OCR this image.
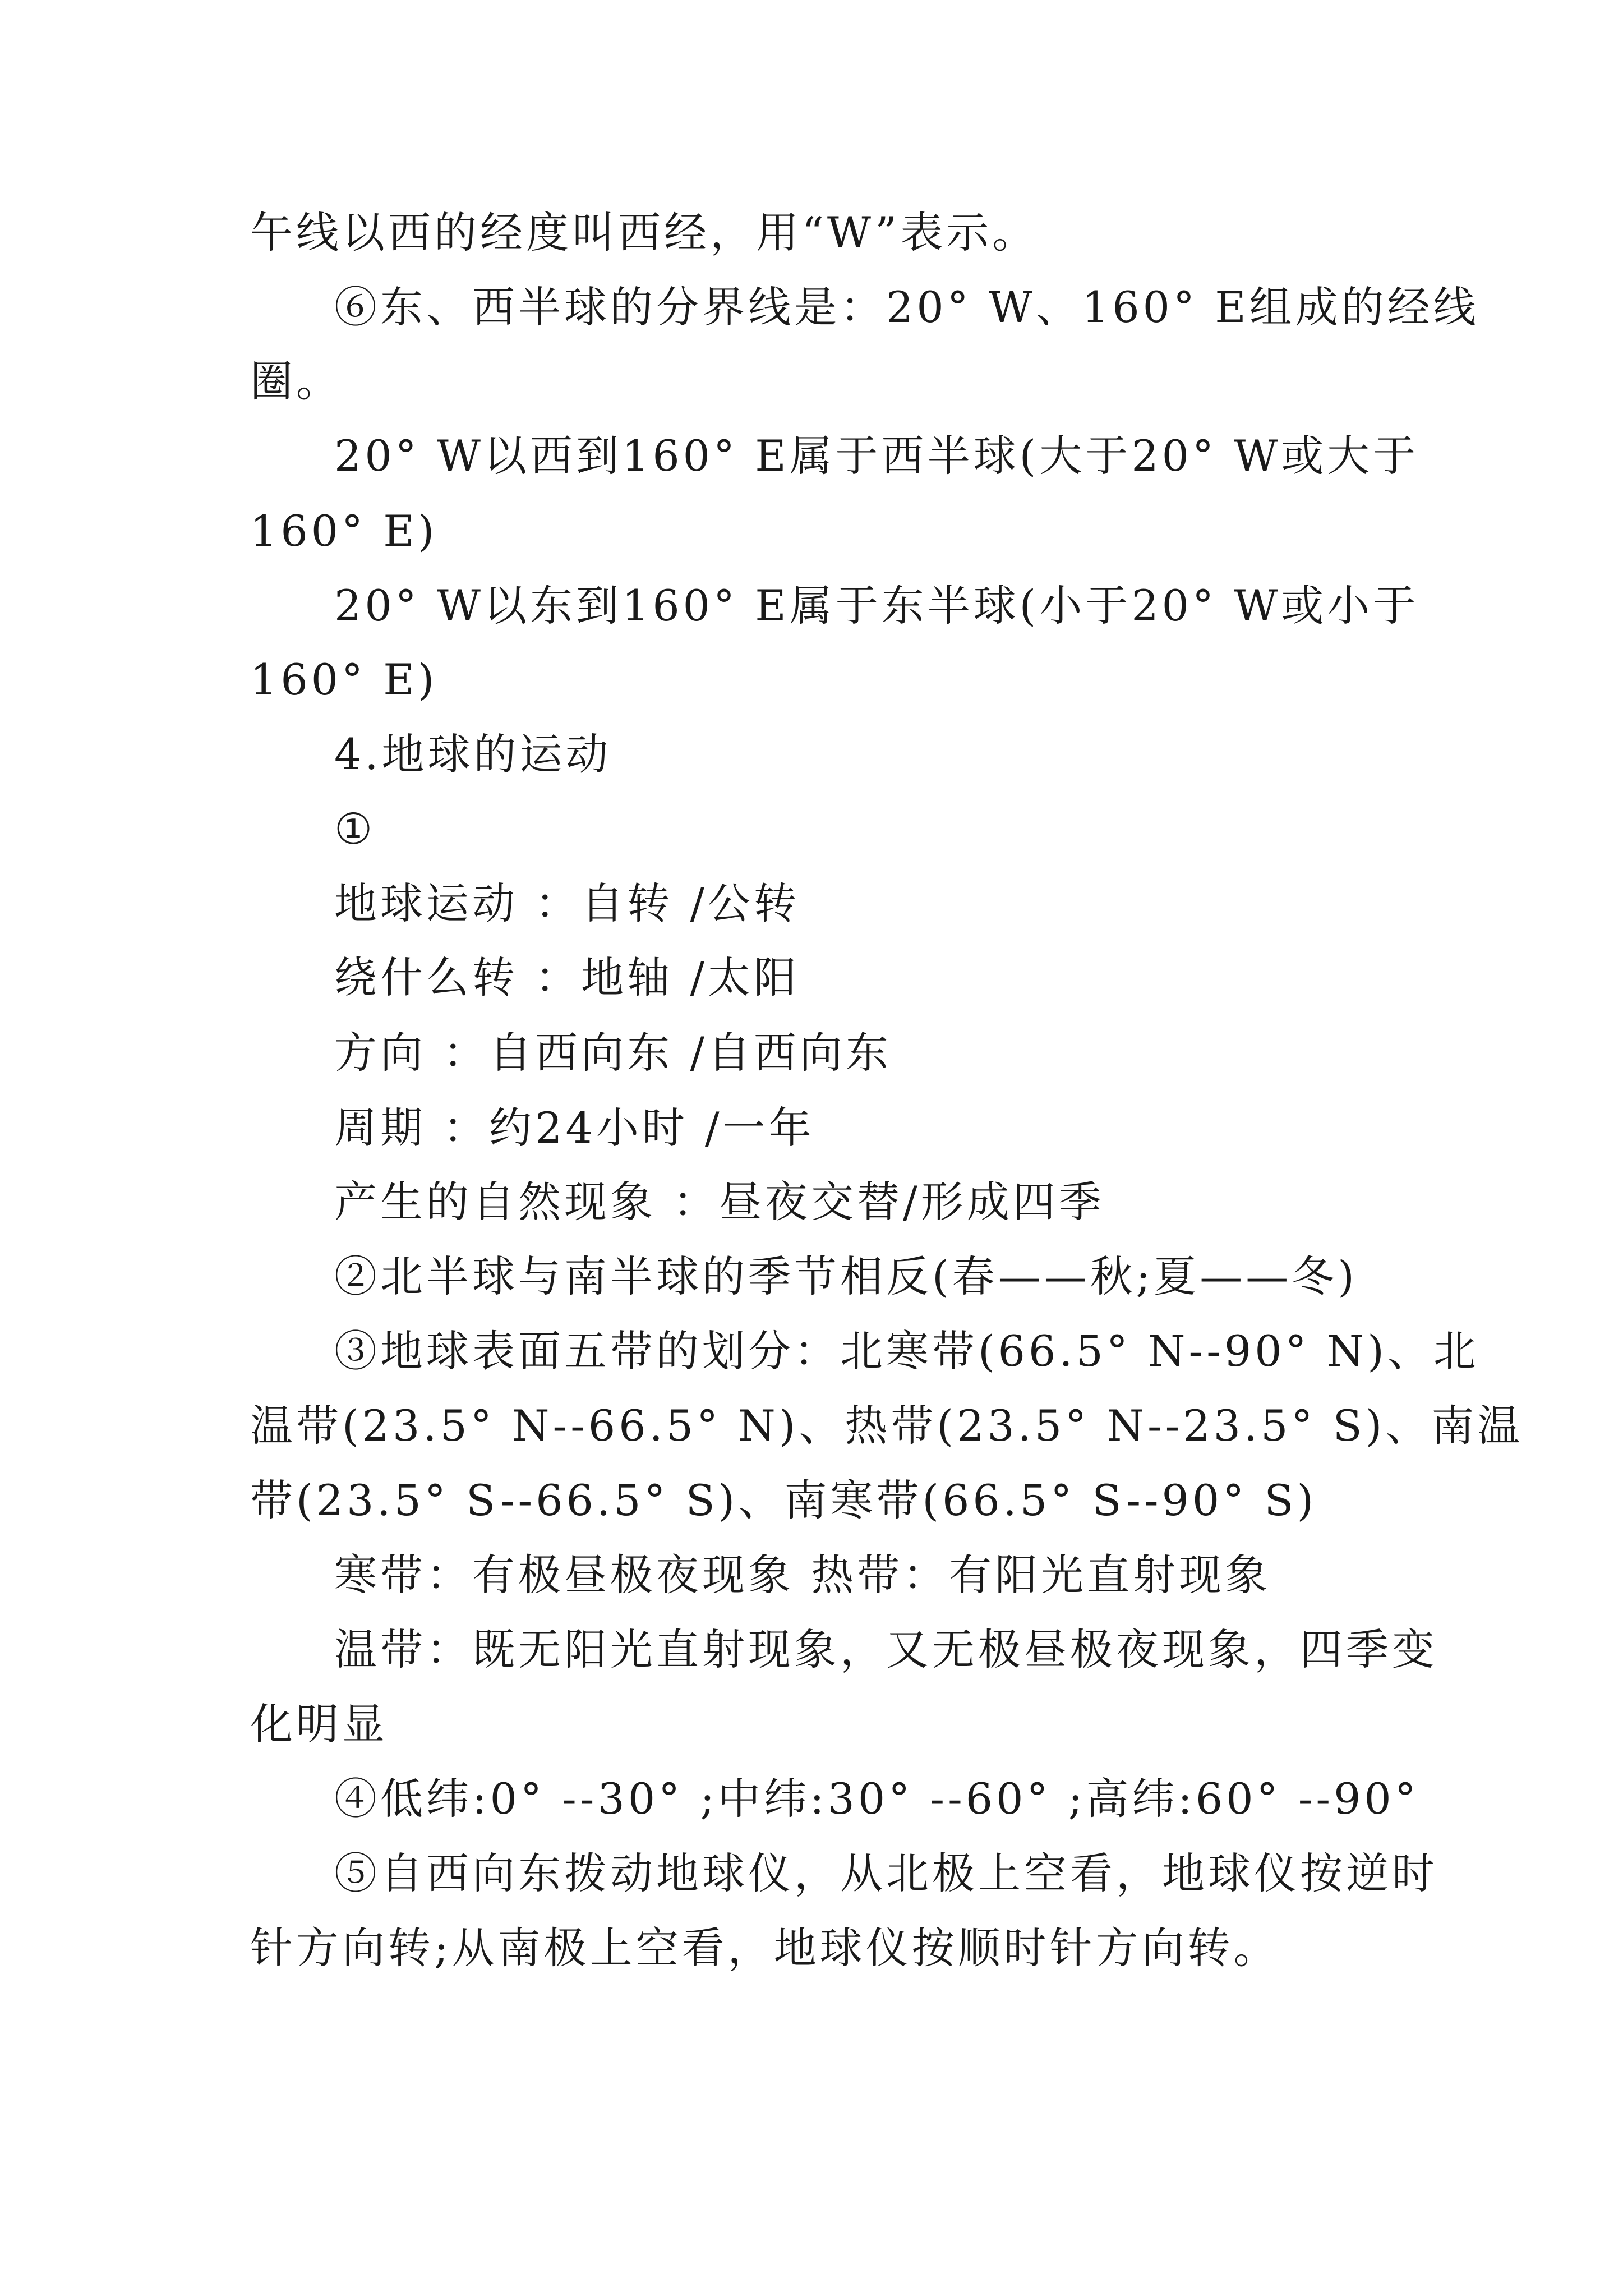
午线以西的经度叫西经，用“W”表示。
⑥东、西半球的分界线是：20° W、160° E组成的经线
圈。
20° W以西到160° E属于西半球(大于20° W或大于
160° E)
20° W以东到160° E属于东半球(小于20° W或小于
160° E)
4.地球的运动
①
地球运动 ：自转 /公转
绕什么转 ：地轴 /太阳
方向 ：自西向东 /自西向东
周期 ：约24小时 /一年
产生的自然现象 ：昼夜交替/形成四季
②北半球与南半球的季节相反(春——秋;夏——冬)
③地球表面五带的划分：北寒带(66.5° N--90° N)、北
温带(23.5° N--66.5° N)、热带(23.5° N--23.5° S)、南温
带(23.5° S--66.5° S)、南寒带(66.5° S--90° S)
寒带：有极昼极夜现象 热带：有阳光直射现象
温带：既无阳光直射现象，又无极昼极夜现象，四季变
化明显
④低纬:0° --30° ;中纬:30° --60° ;高纬:60° --90°
⑤自西向东拨动地球仪，从北极上空看，地球仪按逆时
针方向转;从南极上空看，地球仪按顺时针方向转。
